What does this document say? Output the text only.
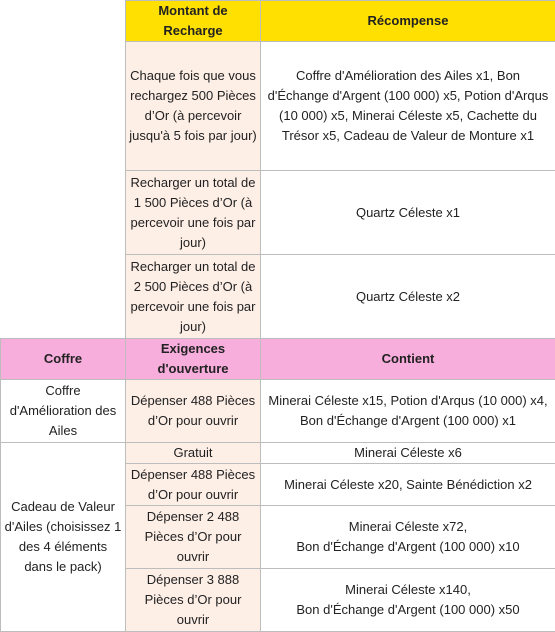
	Montant de Recharge	Récompense
	Chaque fois que vous rechargez 500 Pièces d’Or (à percevoir jusqu'à 5 fois par jour)	Coffre d'Amélioration des Ailes x1, Bon d'Échange d'Argent (100 000) x5, Potion d'Arqus (10 000) x5, Minerai Céleste x5, Cachette du Trésor x5, Cadeau de Valeur de Monture x1
	Recharger un total de 1 500 Pièces d’Or (à percevoir une fois par jour)	Quartz Céleste x1
	Recharger un total de 2 500 Pièces d’Or (à percevoir une fois par jour)	Quartz Céleste x2
Coffre	Exigences d'ouverture	Contient
Coffre d'Amélioration des Ailes	Dépenser 488 Pièces d’Or pour ouvrir	Minerai Céleste x15, Potion d'Arqus (10 000) x4, Bon d'Échange d'Argent (100 000) x1
Cadeau de Valeur d'Ailes (choisissez 1 des 4 éléments dans le pack)	Gratuit	Minerai Céleste x6
	Dépenser 488 Pièces d’Or pour ouvrir	Minerai Céleste x20, Sainte Bénédiction x2
	Dépenser 2 488 Pièces d’Or pour ouvrir	Minerai Céleste x72,
Bon d'Échange d'Argent (100 000) x10

	Dépenser 3 888 Pièces d’Or pour ouvrir	Minerai Céleste x140,
Bon d'Échange d'Argent (100 000) x50
